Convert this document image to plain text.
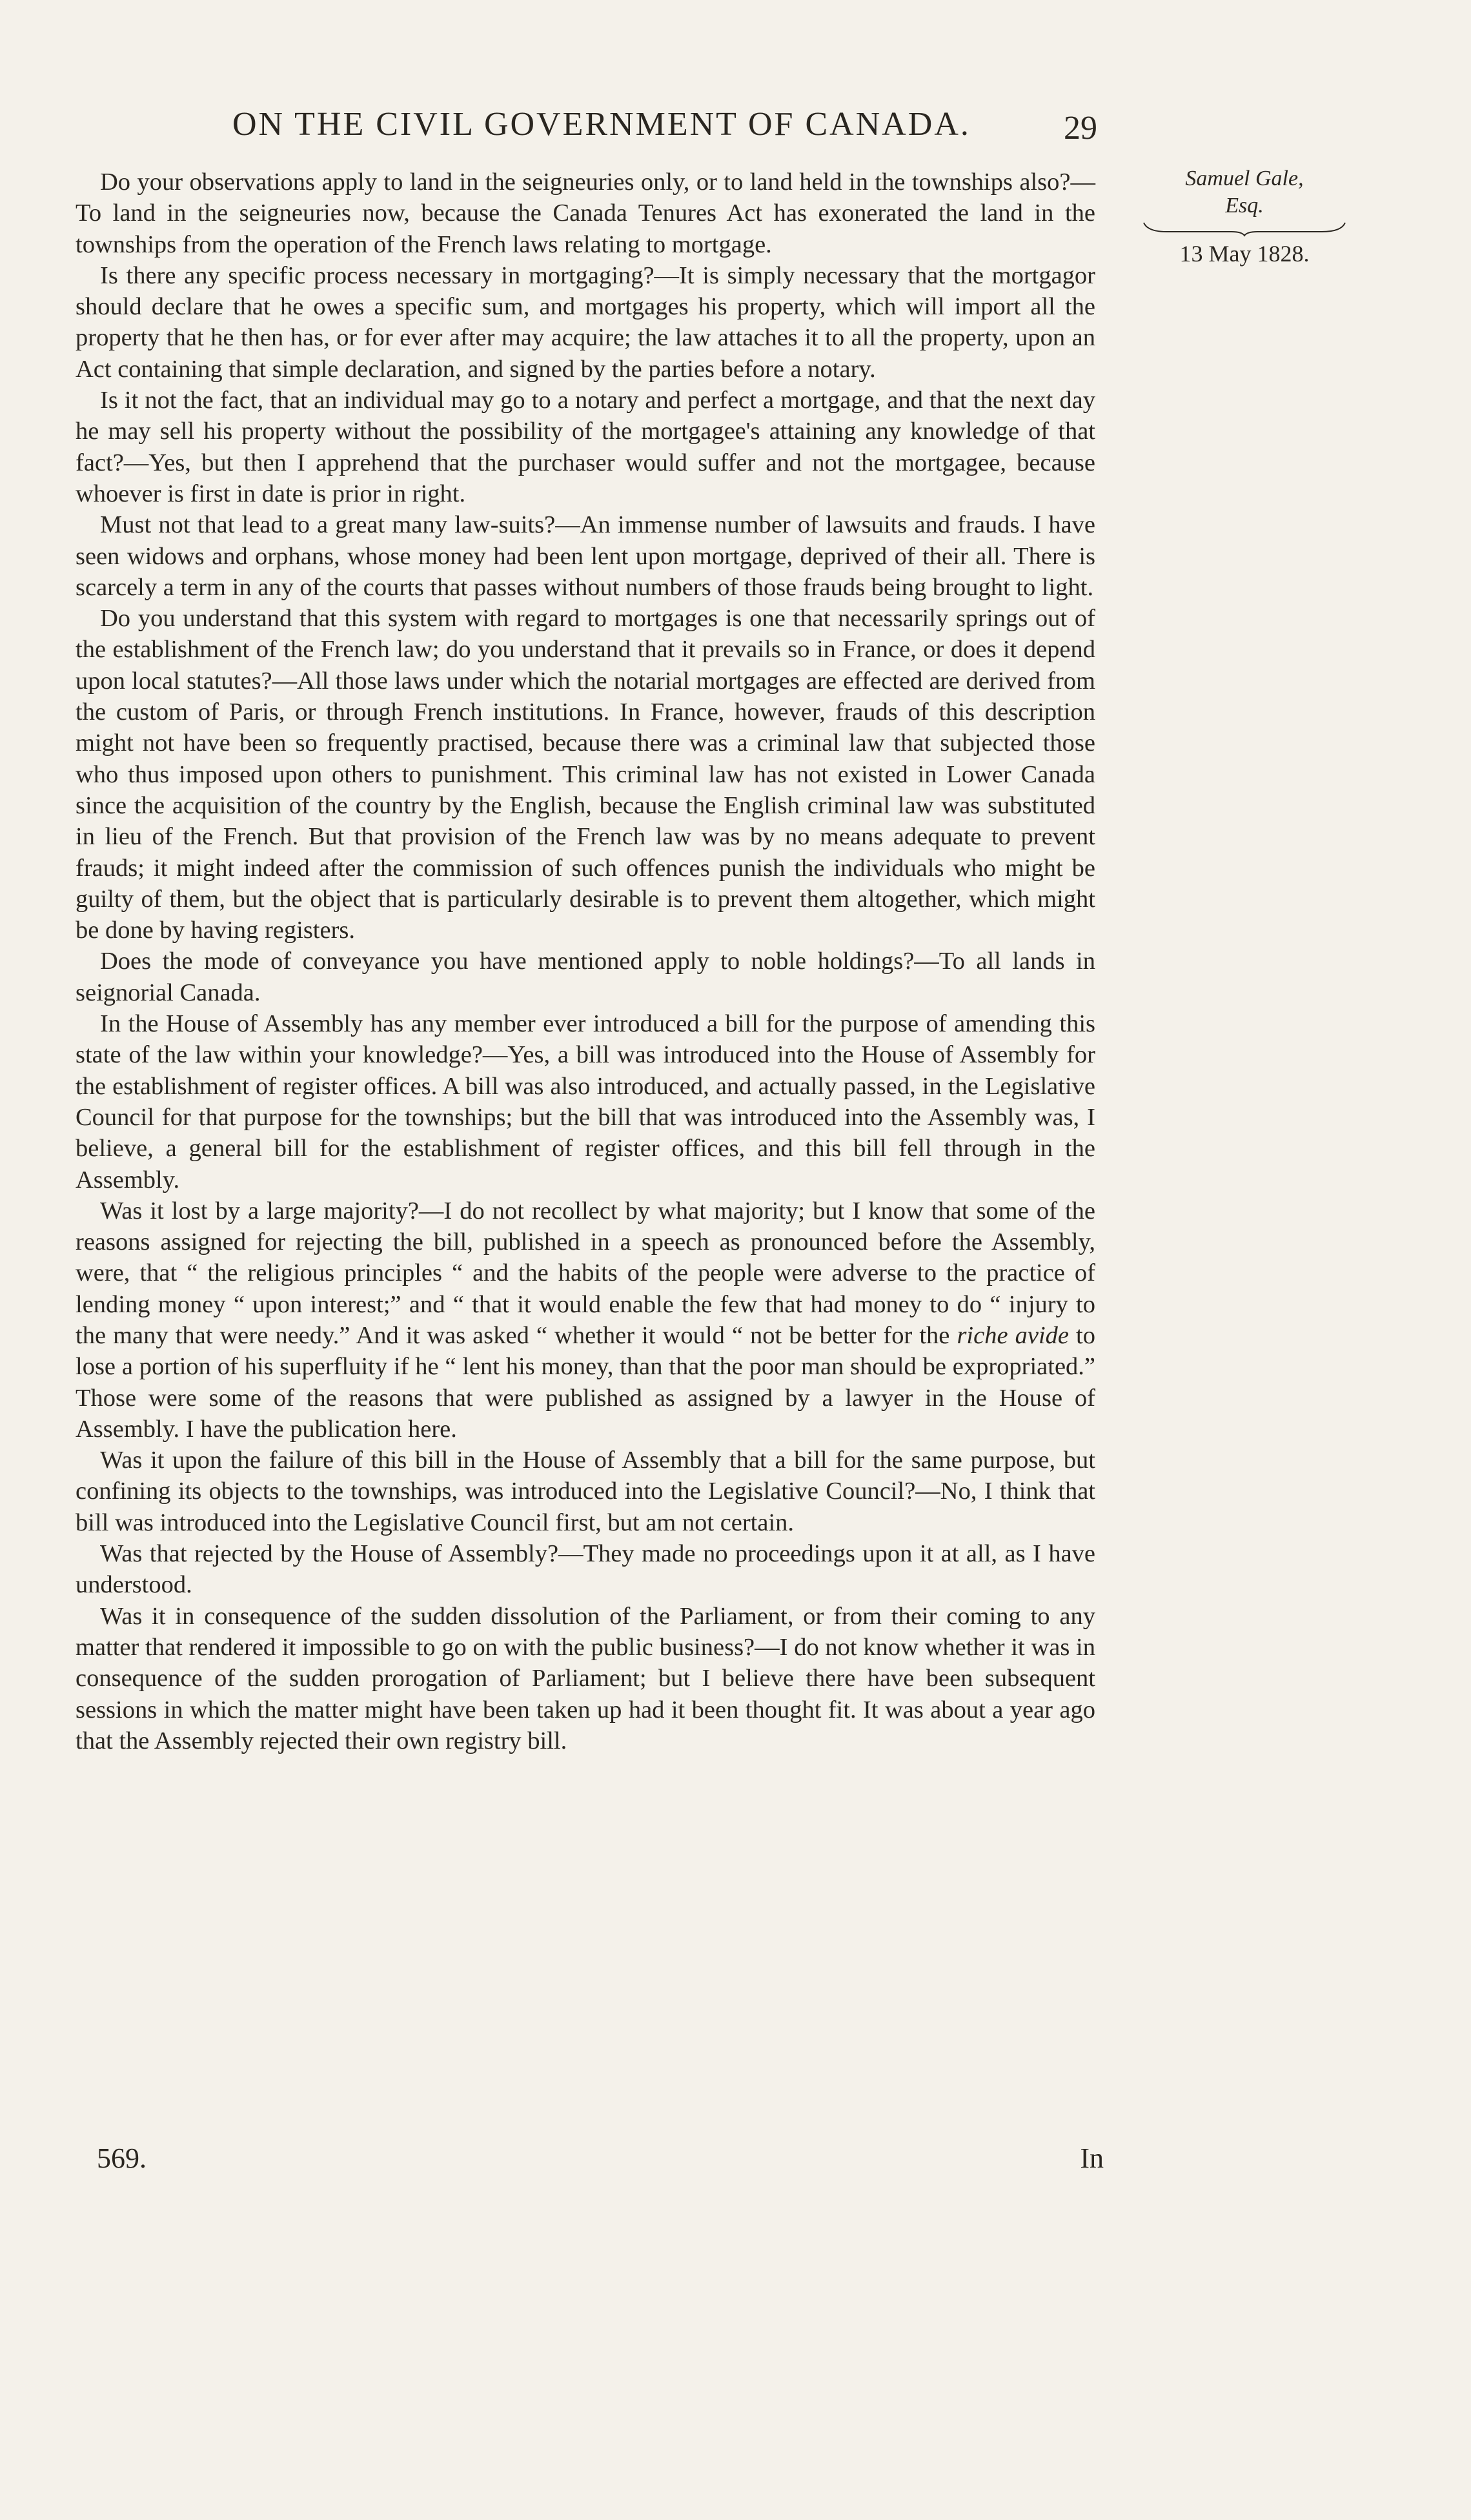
ON THE CIVIL GOVERNMENT OF CANADA.	29
Samuel Gale,
Esq.
13 May 1828.

Do your observations apply to land in the seigneuries only, or to land held in the townships also?—To land in the seigneuries now, because the Canada Tenures Act has exonerated the land in the townships from the operation of the French laws relating to mortgage.

Is there any specific process necessary in mortgaging?—It is simply necessary that the mortgagor should declare that he owes a specific sum, and mortgages his property, which will import all the property that he then has, or for ever after may acquire; the law attaches it to all the property, upon an Act containing that simple declaration, and signed by the parties before a notary.

Is it not the fact, that an individual may go to a notary and perfect a mortgage, and that the next day he may sell his property without the possibility of the mortgagee's attaining any knowledge of that fact?—Yes, but then I apprehend that the purchaser would suffer and not the mortgagee, because whoever is first in date is prior in right.

Must not that lead to a great many law-suits?—An immense number of lawsuits and frauds. I have seen widows and orphans, whose money had been lent upon mortgage, deprived of their all. There is scarcely a term in any of the courts that passes without numbers of those frauds being brought to light.

Do you understand that this system with regard to mortgages is one that necessarily springs out of the establishment of the French law; do you understand that it prevails so in France, or does it depend upon local statutes?—All those laws under which the notarial mortgages are effected are derived from the custom of Paris, or through French institutions. In France, however, frauds of this description might not have been so frequently practised, because there was a criminal law that subjected those who thus imposed upon others to punishment. This criminal law has not existed in Lower Canada since the acquisition of the country by the English, because the English criminal law was substituted in lieu of the French. But that provision of the French law was by no means adequate to prevent frauds; it might indeed after the commission of such offences punish the individuals who might be guilty of them, but the object that is particularly desirable is to prevent them altogether, which might be done by having registers.

Does the mode of conveyance you have mentioned apply to noble holdings?—To all lands in seignorial Canada.

In the House of Assembly has any member ever introduced a bill for the purpose of amending this state of the law within your knowledge?—Yes, a bill was introduced into the House of Assembly for the establishment of register offices. A bill was also introduced, and actually passed, in the Legislative Council for that purpose for the townships; but the bill that was introduced into the Assembly was, I believe, a general bill for the establishment of register offices, and this bill fell through in the Assembly.

Was it lost by a large majority?—I do not recollect by what majority; but I know that some of the reasons assigned for rejecting the bill, published in a speech as pronounced before the Assembly, were, that “ the religious principles “ and the habits of the people were adverse to the practice of lending money “ upon interest;” and “ that it would enable the few that had money to do “ injury to the many that were needy.” And it was asked “ whether it would “ not be better for the riche avide to lose a portion of his superfluity if he “ lent his money, than that the poor man should be expropriated.” Those were some of the reasons that were published as assigned by a lawyer in the House of Assembly. I have the publication here.

Was it upon the failure of this bill in the House of Assembly that a bill for the same purpose, but confining its objects to the townships, was introduced into the Legislative Council?—No, I think that bill was introduced into the Legislative Council first, but am not certain.

Was that rejected by the House of Assembly?—They made no proceedings upon it at all, as I have understood.

Was it in consequence of the sudden dissolution of the Parliament, or from their coming to any matter that rendered it impossible to go on with the public business?—I do not know whether it was in consequence of the sudden prorogation of Parliament; but I believe there have been subsequent sessions in which the matter might have been taken up had it been thought fit. It was about a year ago that the Assembly rejected their own registry bill.

569.	In
